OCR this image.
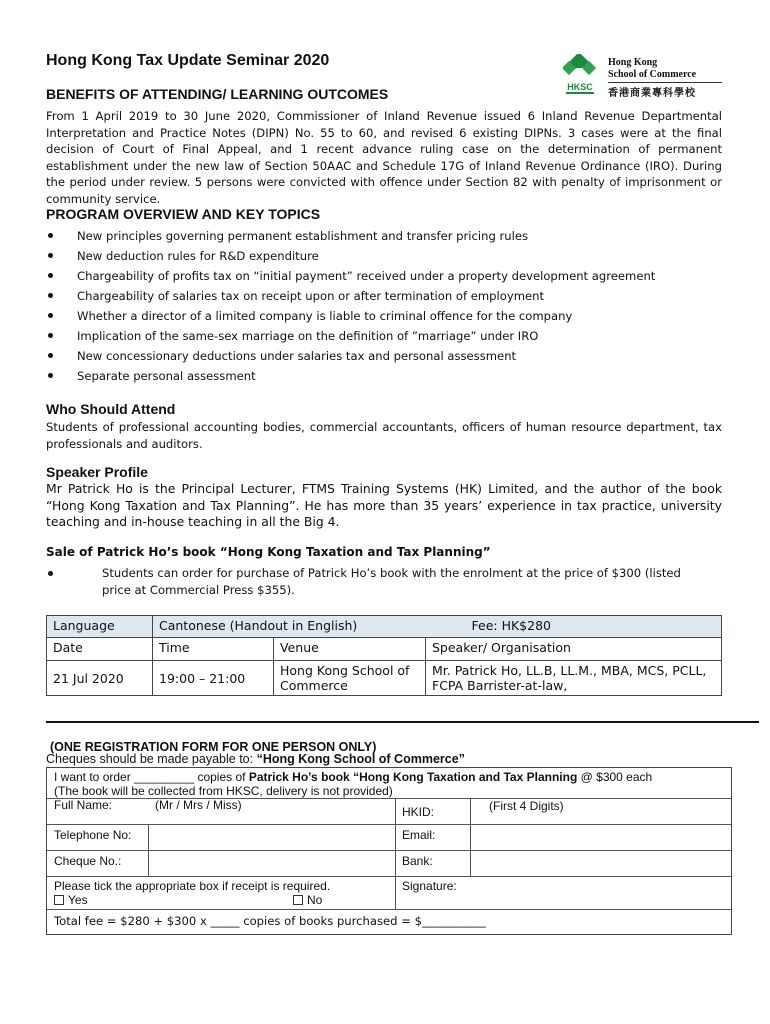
Hong Kong Tax Update Seminar 2020
HKSC
Hong Kong
School of Commerce
香港商業專科學校
BENEFITS OF ATTENDING/ LEARNING OUTCOMES
From 1 April 2019 to 30 June 2020, Commissioner of Inland Revenue issued 6 Inland Revenue Departmental Interpretation and Practice Notes (DIPN) No. 55 to 60, and revised 6 existing DIPNs. 3 cases were at the final decision of Court of Final Appeal, and 1 recent advance ruling case on the determination of permanent establishment under the new law of Section 50AAC and Schedule 17G of Inland Revenue Ordinance (IRO). During the period under review. 5 persons were convicted with offence under Section 82 with penalty of imprisonment or community service.
PROGRAM OVERVIEW AND KEY TOPICS
New principles governing permanent establishment and transfer pricing rules
New deduction rules for R&D expenditure
Chargeability of profits tax on “initial payment” received under a property development agreement
Chargeability of salaries tax on receipt upon or after termination of employment
Whether a director of a limited company is liable to criminal offence for the company
Implication of the same-sex marriage on the definition of ”marriage” under IRO
New concessionary deductions under salaries tax and personal assessment
Separate personal assessment
Who Should Attend
Students of professional accounting bodies, commercial accountants, officers of human resource department, tax professionals and auditors.
Speaker Profile
Mr Patrick Ho is the Principal Lecturer, FTMS Training Systems (HK) Limited, and the author of the book “Hong Kong Taxation and Tax Planning”. He has more than 35 years’ experience in tax practice, university teaching and in-house teaching in all the Big 4.
Sale of Patrick Ho’s book “Hong Kong Taxation and Tax Planning”
Students can order for purchase of Patrick Ho’s book with the enrolment at the price of $300 (listed price at Commercial Press $355).
Language	Cantonese (Handout in English)		Fee: HK$280
Date	Time	Venue	Speaker/ Organisation
21 Jul 2020	19:00 – 21:00	Hong Kong School of Commerce	Mr. Patrick Ho, LL.B, LL.M., MBA, MCS, PCLL, FCPA Barrister-at-law,
(ONE REGISTRATION FORM FOR ONE PERSON ONLY)
Cheques should be made payable to: “Hong Kong School of Commerce”
I want to order _________ copies of Patrick Ho’s book “Hong Kong Taxation and Tax Planning @ $300 each
(The book will be collected from HKSC, delivery is not provided)
Full Name:	(Mr / Mrs / Miss)	HKID:	(First 4 Digits)
Telephone No:	Email:
Cheque No.:	Bank:
Please tick the appropriate box if receipt is required.
Yes	No
Signature:
Total fee = $280 + $300 x _____ copies of books purchased = $___________
